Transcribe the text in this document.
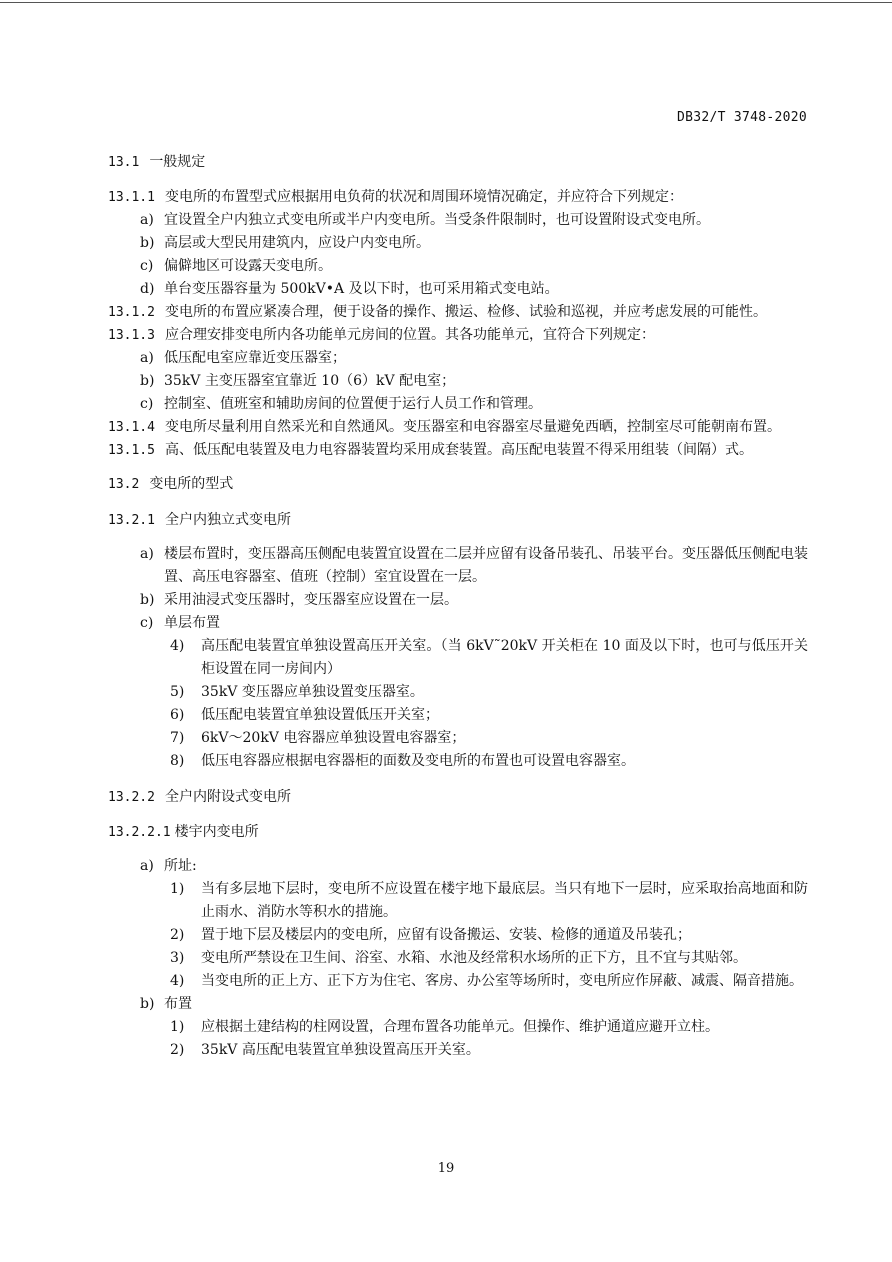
DB32/T 3748-2020
13.1 一般规定
13.1.1 变电所的布置型式应根据用电负荷的状况和周围环境情况确定，并应符合下列规定：
a) 宜设置全户内独立式变电所或半户内变电所。当受条件限制时，也可设置附设式变电所。
b) 高层或大型民用建筑内，应设户内变电所。
c) 偏僻地区可设露天变电所。
d) 单台变压器容量为 500kV•A 及以下时，也可采用箱式变电站。
13.1.2 变电所的布置应紧凑合理，便于设备的操作、搬运、检修、试验和巡视，并应考虑发展的可能性。
13.1.3 应合理安排变电所内各功能单元房间的位置。其各功能单元，宜符合下列规定：
a) 低压配电室应靠近变压器室；
b) 35kV 主变压器室宜靠近 10（6）kV 配电室；
c) 控制室、值班室和辅助房间的位置便于运行人员工作和管理。
13.1.4 变电所尽量利用自然采光和自然通风。变压器室和电容器室尽量避免西晒，控制室尽可能朝南布置。
13.1.5 高、低压配电装置及电力电容器装置均采用成套装置。高压配电装置不得采用组装（间隔）式。
13.2 变电所的型式
13.2.1 全户内独立式变电所
a) 楼层布置时，变压器高压侧配电装置宜设置在二层并应留有设备吊装孔、吊装平台。变压器低压侧配电装置、高压电容器室、值班（控制）室宜设置在一层。
b) 采用油浸式变压器时，变压器室应设置在一层。
c) 单层布置
4) 高压配电装置宜单独设置高压开关室。（当 6kV˜20kV 开关柜在 10 面及以下时，也可与低压开关柜设置在同一房间内）
5) 35kV 变压器应单独设置变压器室。
6) 低压配电装置宜单独设置低压开关室；
7) 6kV～20kV 电容器应单独设置电容器室；
8) 低压电容器应根据电容器柜的面数及变电所的布置也可设置电容器室。
13.2.2 全户内附设式变电所
13.2.2.1 楼宇内变电所
a) 所址:
1) 当有多层地下层时，变电所不应设置在楼宇地下最底层。当只有地下一层时，应采取抬高地面和防止雨水、消防水等积水的措施。
2) 置于地下层及楼层内的变电所，应留有设备搬运、安装、检修的通道及吊装孔；
3) 变电所严禁设在卫生间、浴室、水箱、水池及经常积水场所的正下方，且不宜与其贴邻。
4) 当变电所的正上方、正下方为住宅、客房、办公室等场所时，变电所应作屏蔽、减震、隔音措施。
b) 布置
1) 应根据土建结构的柱网设置，合理布置各功能单元。但操作、维护通道应避开立柱。
2) 35kV 高压配电装置宜单独设置高压开关室。
19
